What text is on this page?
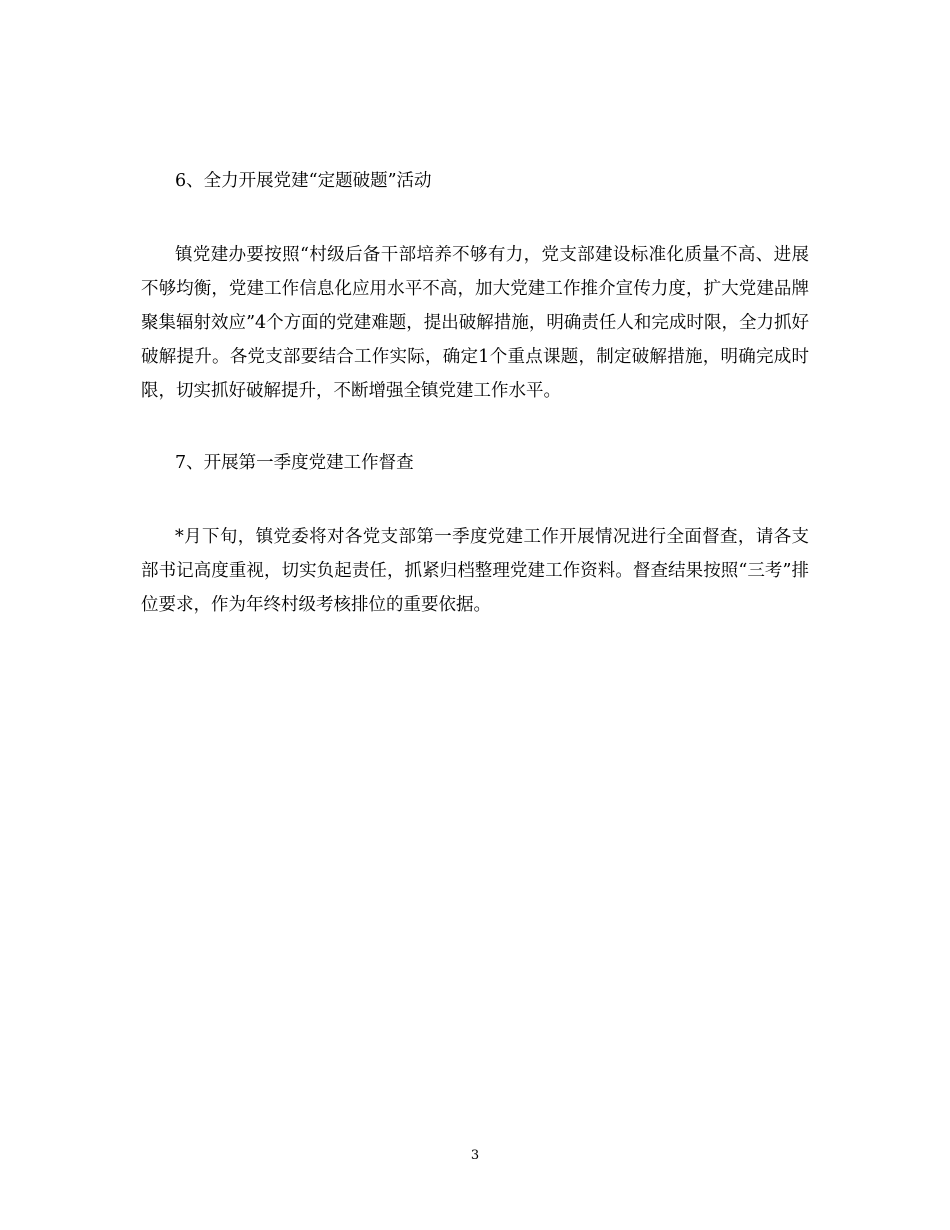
6、全力开展党建“定题破题”活动

镇党建办要按照“村级后备干部培养不够有力，党支部建设标准化质量不高、进展不够均衡，党建工作信息化应用水平不高，加大党建工作推介宣传力度，扩大党建品牌聚集辐射效应”4个方面的党建难题，提出破解措施，明确责任人和完成时限，全力抓好破解提升。各党支部要结合工作实际，确定1个重点课题，制定破解措施，明确完成时限，切实抓好破解提升，不断增强全镇党建工作水平。

7、开展第一季度党建工作督查

*月下旬，镇党委将对各党支部第一季度党建工作开展情况进行全面督查，请各支部书记高度重视，切实负起责任，抓紧归档整理党建工作资料。督查结果按照“三考”排位要求，作为年终村级考核排位的重要依据。

3
